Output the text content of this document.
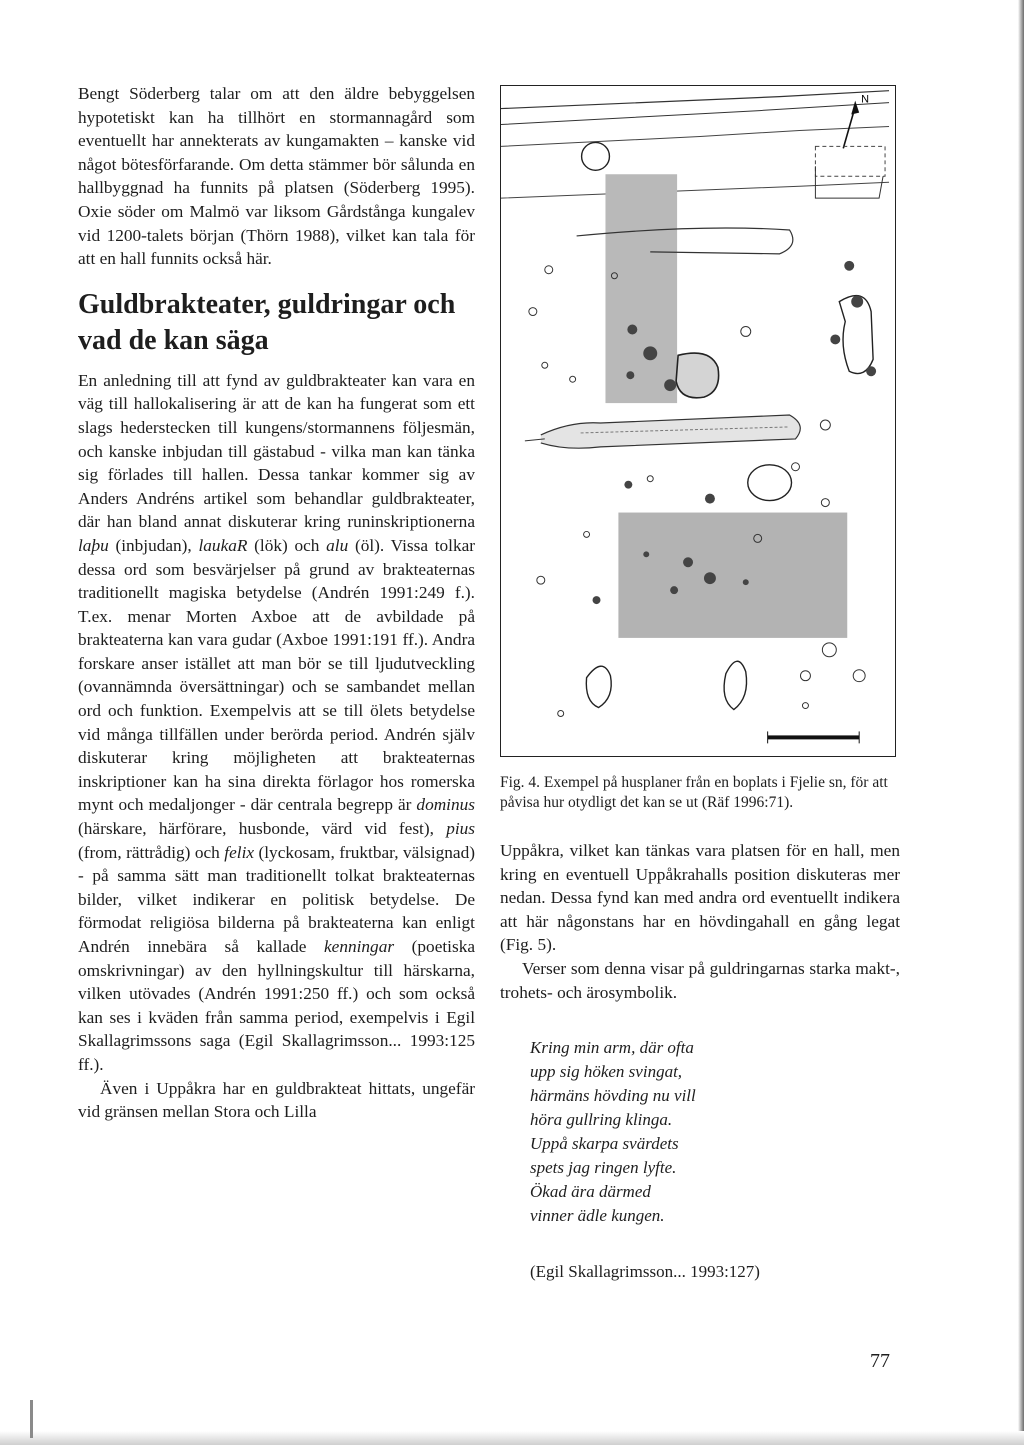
Bengt Söderberg talar om att den äldre bebyggelsen hypotetiskt kan ha tillhört en stormannagård som eventuellt har annekterats av kungamakten – kanske vid något bötesförfarande. Om detta stämmer bör sålunda en hallbyggnad ha funnits på platsen (Söderberg 1995). Oxie söder om Malmö var liksom Gårdstånga kungalev vid 1200-talets början (Thörn 1988), vilket kan tala för att en hall funnits också här.

Guldbrakteater, guldringar och vad de kan säga

En anledning till att fynd av guldbrakteater kan vara en väg till hallokalisering är att de kan ha fungerat som ett slags hederstecken till kungens/stormannens följesmän, och kanske inbjudan till gästabud - vilka man kan tänka sig förlades till hallen. Dessa tankar kommer sig av Anders Andréns artikel som behandlar guldbrakteater, där han bland annat diskuterar kring runinskriptionerna laþu (inbjudan), laukaR (lök) och alu (öl). Vissa tolkar dessa ord som besvärjelser på grund av brakteaternas traditionellt magiska betydelse (Andrén 1991:249 f.). T.ex. menar Morten Axboe att de avbildade på brakteaterna kan vara gudar (Axboe 1991:191 ff.). Andra forskare anser istället att man bör se till ljudutveckling (ovannämnda översättningar) och se sambandet mellan ord och funktion. Exempelvis att se till ölets betydelse vid många tillfällen under berörda period. Andrén själv diskuterar kring möjligheten att brakteaternas inskriptioner kan ha sina direkta förlagor hos romerska mynt och medaljonger - där centrala begrepp är dominus (härskare, härförare, husbonde, värd vid fest), pius (from, rättrådig) och felix (lyckosam, fruktbar, välsignad) - på samma sätt man traditionellt tolkat brakteaternas bilder, vilket indikerar en politisk betydelse. De förmodat religiösa bilderna på brakteaterna kan enligt Andrén innebära så kallade kenningar (poetiska omskrivningar) av den hyllningskultur till härskarna, vilken utövades (Andrén 1991:250 ff.) och som också kan ses i kväden från samma period, exempelvis i Egil Skallagrimssons saga (Egil Skallagrimsson... 1993:125 ff.).

Även i Uppåkra har en guldbrakteat hittats, ungefär vid gränsen mellan Stora och Lilla

N

Fig. 4. Exempel på husplaner från en boplats i Fjelie sn, för att påvisa hur otydligt det kan se ut (Räf 1996:71).

Uppåkra, vilket kan tänkas vara platsen för en hall, men kring en eventuell Uppåkrahalls position diskuteras mer nedan. Dessa fynd kan med andra ord eventuellt indikera att här någonstans har en hövdingahall en gång legat (Fig. 5).

Verser som denna visar på guldringarnas starka makt-, trohets- och ärosymbolik.

Kring min arm, där ofta
upp sig höken svingat,
härmäns hövding nu vill
höra gullring klinga.
Uppå skarpa svärdets
spets jag ringen lyfte.
Ökad ära därmed
vinner ädle kungen.

(Egil Skallagrimsson... 1993:127)

77
